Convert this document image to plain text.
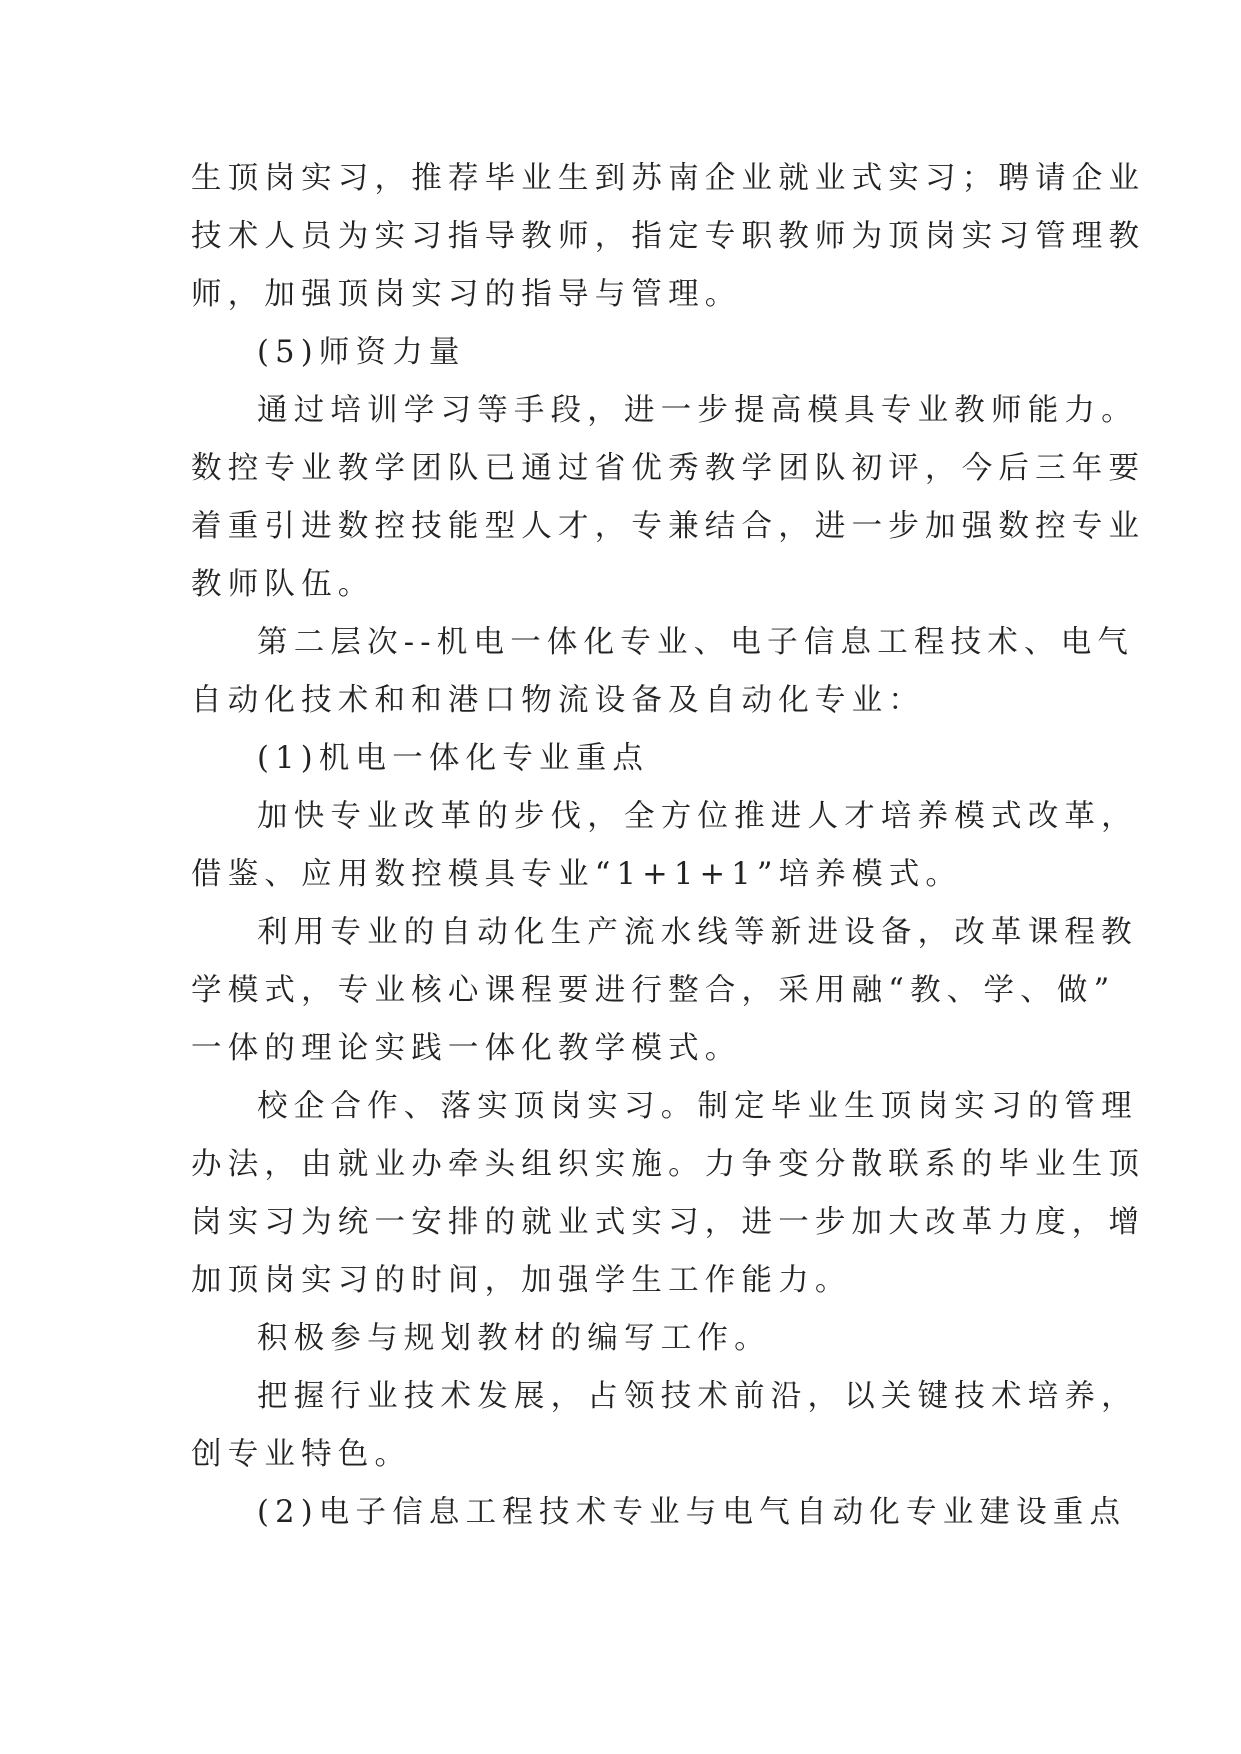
生顶岗实习，推荐毕业生到苏南企业就业式实习；聘请企业
技术人员为实习指导教师，指定专职教师为顶岗实习管理教
师，加强顶岗实习的指导与管理。
(5)师资力量
通过培训学习等手段，进一步提高模具专业教师能力。
数控专业教学团队已通过省优秀教学团队初评，今后三年要
着重引进数控技能型人才，专兼结合，进一步加强数控专业
教师队伍。
第二层次--机电一体化专业、电子信息工程技术、电气
自动化技术和和港口物流设备及自动化专业：
(1)机电一体化专业重点
加快专业改革的步伐，全方位推进人才培养模式改革，
借鉴、应用数控模具专业“1+1+1”培养模式。
利用专业的自动化生产流水线等新进设备，改革课程教
学模式，专业核心课程要进行整合，采用融“教、学、做”
一体的理论实践一体化教学模式。
校企合作、落实顶岗实习。制定毕业生顶岗实习的管理
办法，由就业办牵头组织实施。力争变分散联系的毕业生顶
岗实习为统一安排的就业式实习，进一步加大改革力度，增
加顶岗实习的时间，加强学生工作能力。
积极参与规划教材的编写工作。
把握行业技术发展，占领技术前沿，以关键技术培养，
创专业特色。
(2)电子信息工程技术专业与电气自动化专业建设重点
